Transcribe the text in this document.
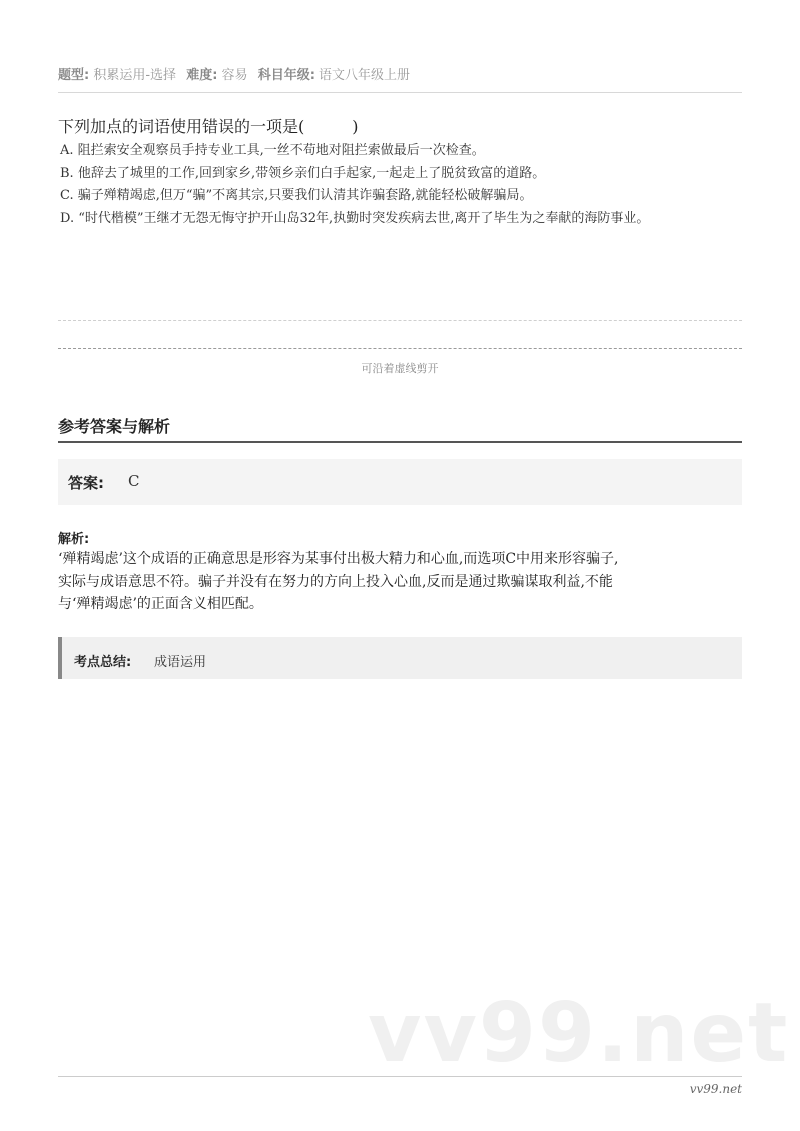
题型: 积累运用-选择 难度: 容易 科目年级: 语文八年级上册
下列加点的词语使用错误的一项是(　　　)
A. 阻拦索安全观察员手持专业工具,一丝不苟地对阻拦索做最后一次检查。
B. 他辞去了城里的工作,回到家乡,带领乡亲们白手起家,一起走上了脱贫致富的道路。
C. 骗子殚精竭虑,但万“骗”不离其宗,只要我们认清其诈骗套路,就能轻松破解骗局。
D. “时代楷模”王继才无怨无悔守护开山岛32年,执勤时突发疾病去世,离开了毕生为之奉献的海防事业。
可沿着虚线剪开
参考答案与解析
答案: C
解析:
‘殚精竭虑’这个成语的正确意思是形容为某事付出极大精力和心血,而选项C中用来形容骗子,
实际与成语意思不符。骗子并没有在努力的方向上投入心血,反而是通过欺骗谋取利益,不能
与‘殚精竭虑’的正面含义相匹配。
考点总结: 成语运用
vv99.net
vv99.net
